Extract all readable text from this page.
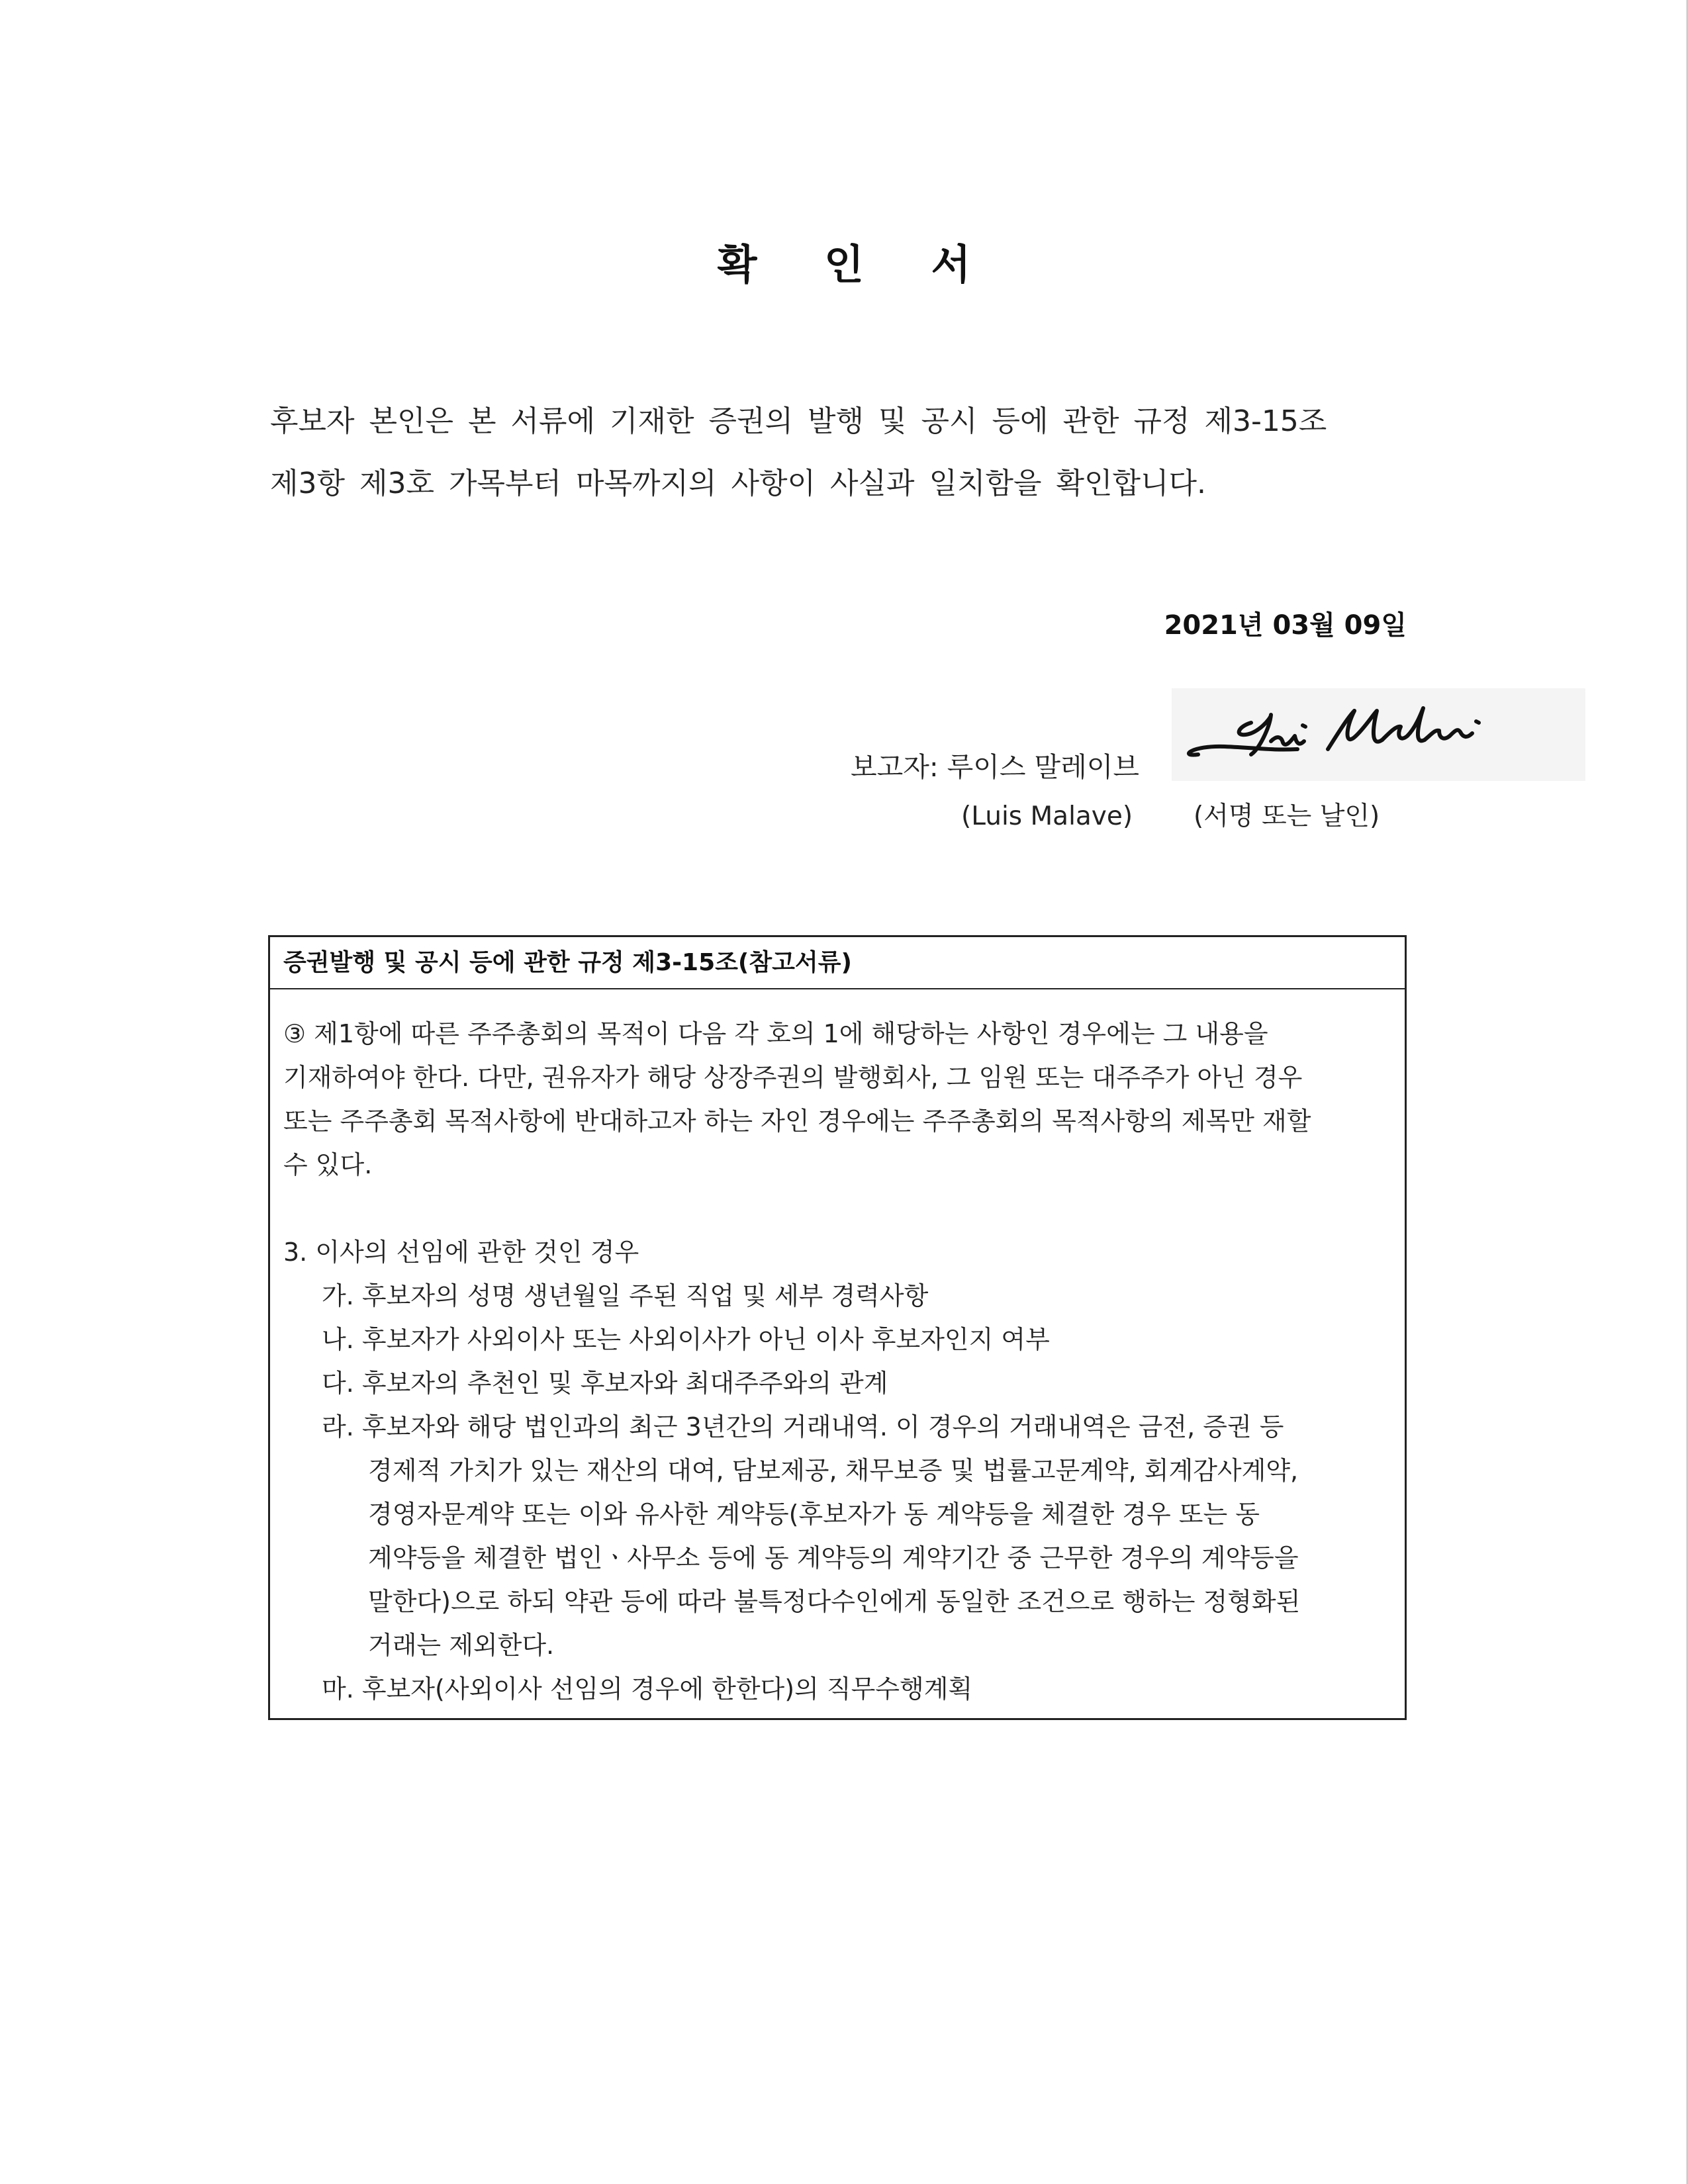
확 인 서
후보자 본인은 본 서류에 기재한 증권의 발행 및 공시 등에 관한 규정 제3-15조
제3항 제3호 가목부터 마목까지의 사항이 사실과 일치함을 확인합니다.
2021년 03월 09일
보고자: 루이스 말레이브
(Luis Malave) (서명 또는 날인)
증권발행 및 공시 등에 관한 규정 제3-15조(참고서류)
③ 제1항에 따른 주주총회의 목적이 다음 각 호의 1에 해당하는 사항인 경우에는 그 내용을
기재하여야 한다. 다만, 권유자가 해당 상장주권의 발행회사, 그 임원 또는 대주주가 아닌 경우
또는 주주총회 목적사항에 반대하고자 하는 자인 경우에는 주주총회의 목적사항의 제목만 재할
수 있다.
3. 이사의 선임에 관한 것인 경우
가. 후보자의 성명 생년월일 주된 직업 및 세부 경력사항
나. 후보자가 사외이사 또는 사외이사가 아닌 이사 후보자인지 여부
다. 후보자의 추천인 및 후보자와 최대주주와의 관계
라. 후보자와 해당 법인과의 최근 3년간의 거래내역. 이 경우의 거래내역은 금전, 증권 등
경제적 가치가 있는 재산의 대여, 담보제공, 채무보증 및 법률고문계약, 회계감사계약,
경영자문계약 또는 이와 유사한 계약등(후보자가 동 계약등을 체결한 경우 또는 동
계약등을 체결한 법인ㆍ사무소 등에 동 계약등의 계약기간 중 근무한 경우의 계약등을
말한다)으로 하되 약관 등에 따라 불특정다수인에게 동일한 조건으로 행하는 정형화된
거래는 제외한다.
마. 후보자(사외이사 선임의 경우에 한한다)의 직무수행계획
